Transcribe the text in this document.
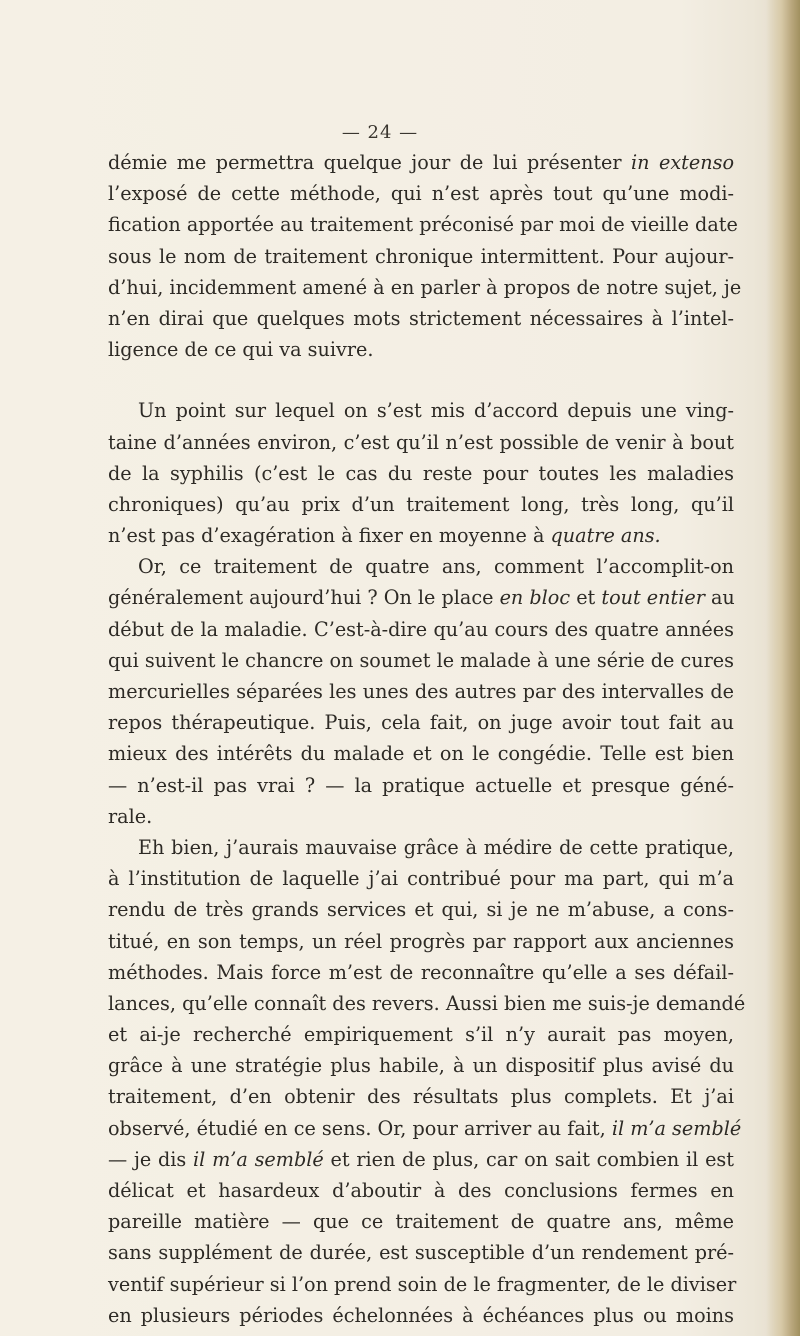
— 24 —
démie me permettra quelque jour de lui présenter in extenso
l’exposé de cette méthode, qui n’est après tout qu’une modi-
fication apportée au traitement préconisé par moi de vieille date
sous le nom de traitement chronique intermittent. Pour aujour-
d’hui, incidemment amené à en parler à propos de notre sujet, je
n’en dirai que quelques mots strictement nécessaires à l’intel-
ligence de ce qui va suivre.
Un point sur lequel on s’est mis d’accord depuis une ving-
taine d’années environ, c’est qu’il n’est possible de venir à bout
de la syphilis (c’est le cas du reste pour toutes les maladies
chroniques) qu’au prix d’un traitement long, très long, qu’il
n’est pas d’exagération à fixer en moyenne à quatre ans.
Or, ce traitement de quatre ans, comment l’accomplit-on
généralement aujourd’hui ? On le place en bloc et tout entier au
début de la maladie. C’est-à-dire qu’au cours des quatre années
qui suivent le chancre on soumet le malade à une série de cures
mercurielles séparées les unes des autres par des intervalles de
repos thérapeutique. Puis, cela fait, on juge avoir tout fait au
mieux des intérêts du malade et on le congédie. Telle est bien
— n’est-il pas vrai ? — la pratique actuelle et presque géné-
rale.
Eh bien, j’aurais mauvaise grâce à médire de cette pratique,
à l’institution de laquelle j’ai contribué pour ma part, qui m’a
rendu de très grands services et qui, si je ne m’abuse, a cons-
titué, en son temps, un réel progrès par rapport aux anciennes
méthodes. Mais force m’est de reconnaître qu’elle a ses défail-
lances, qu’elle connaît des revers. Aussi bien me suis-je demandé
et ai-je recherché empiriquement s’il n’y aurait pas moyen,
grâce à une stratégie plus habile, à un dispositif plus avisé du
traitement, d’en obtenir des résultats plus complets. Et j’ai
observé, étudié en ce sens. Or, pour arriver au fait, il m’a semblé
— je dis il m’a semblé et rien de plus, car on sait combien il est
délicat et hasardeux d’aboutir à des conclusions fermes en
pareille matière — que ce traitement de quatre ans, même
sans supplément de durée, est susceptible d’un rendement pré-
ventif supérieur si l’on prend soin de le fragmenter, de le diviser
en plusieurs périodes échelonnées à échéances plus ou moins
